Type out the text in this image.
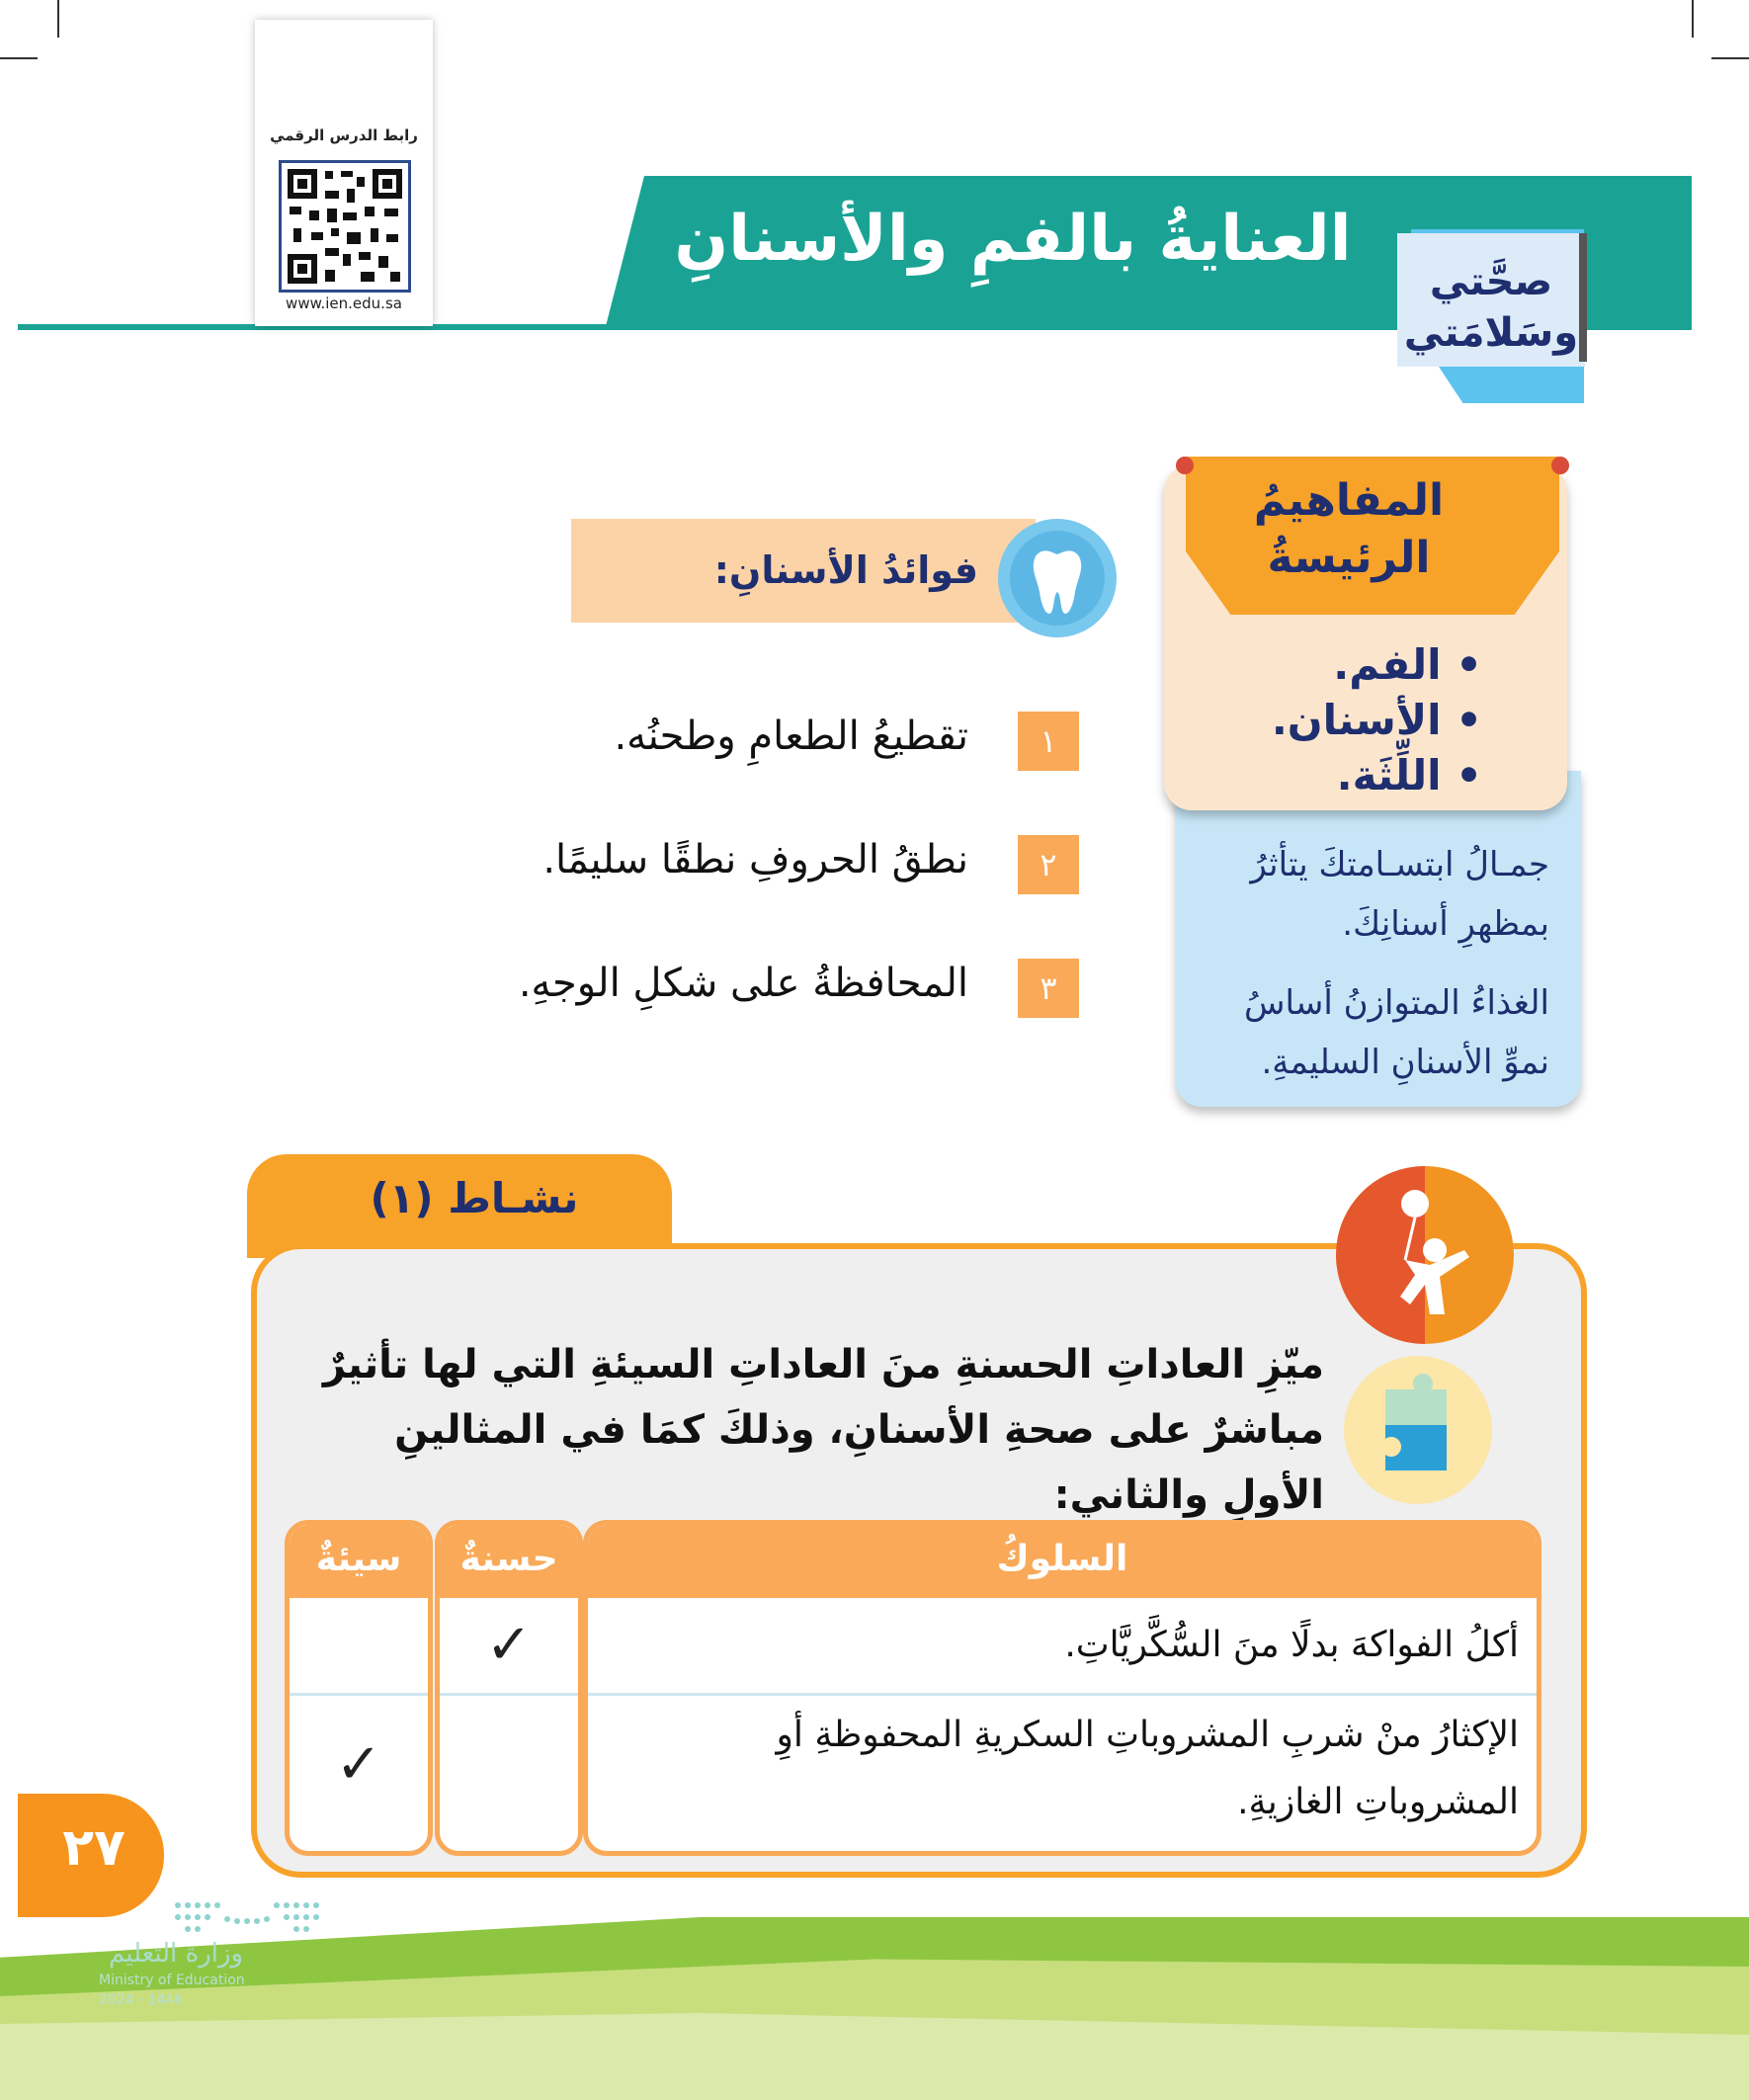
العنايةُ بالفمِ والأسنانِ
صحَّتي
وسَلامَتي
رابط الدرس الرقمي
www.ien.edu.sa
المفاهيمُ
الرئيسةُ
• الفم.
• الأسنان.
• اللِّثَة.
جمـالُ ابتسـامتكَ يتأثرُ بمظهرِ أسنانِكَ.
الغذاءُ المتوازنُ أساسُ نموِّ الأسنانِ السليمةِ.
فوائدُ الأسنانِ:
١
تقطيعُ الطعامِ وطحنُه.
٢
نطقُ الحروفِ نطقًا سليمًا.
٣
المحافظةُ على شكلِ الوجهِ.
نشـاط (١)
ميّزِ العاداتِ الحسنةِ منَ العاداتِ السيئةِ التي لها تأثيرٌ مباشرٌ على صحةِ الأسنانِ، وذلكَ كمَا في المثالينِ الأولِ والثاني:
السلوكُ
أكلُ الفواكهَ بدلًا منَ السُّكَّريَّاتِ.
الإكثارُ منْ شربِ المشروباتِ السكريةِ المحفوظةِ أوِ المشروباتِ الغازيةِ.
حسنةٌ
✓
سيئةٌ
✓
٢٧
وزارة التعليم
Ministry of Education
2024 - 1446
